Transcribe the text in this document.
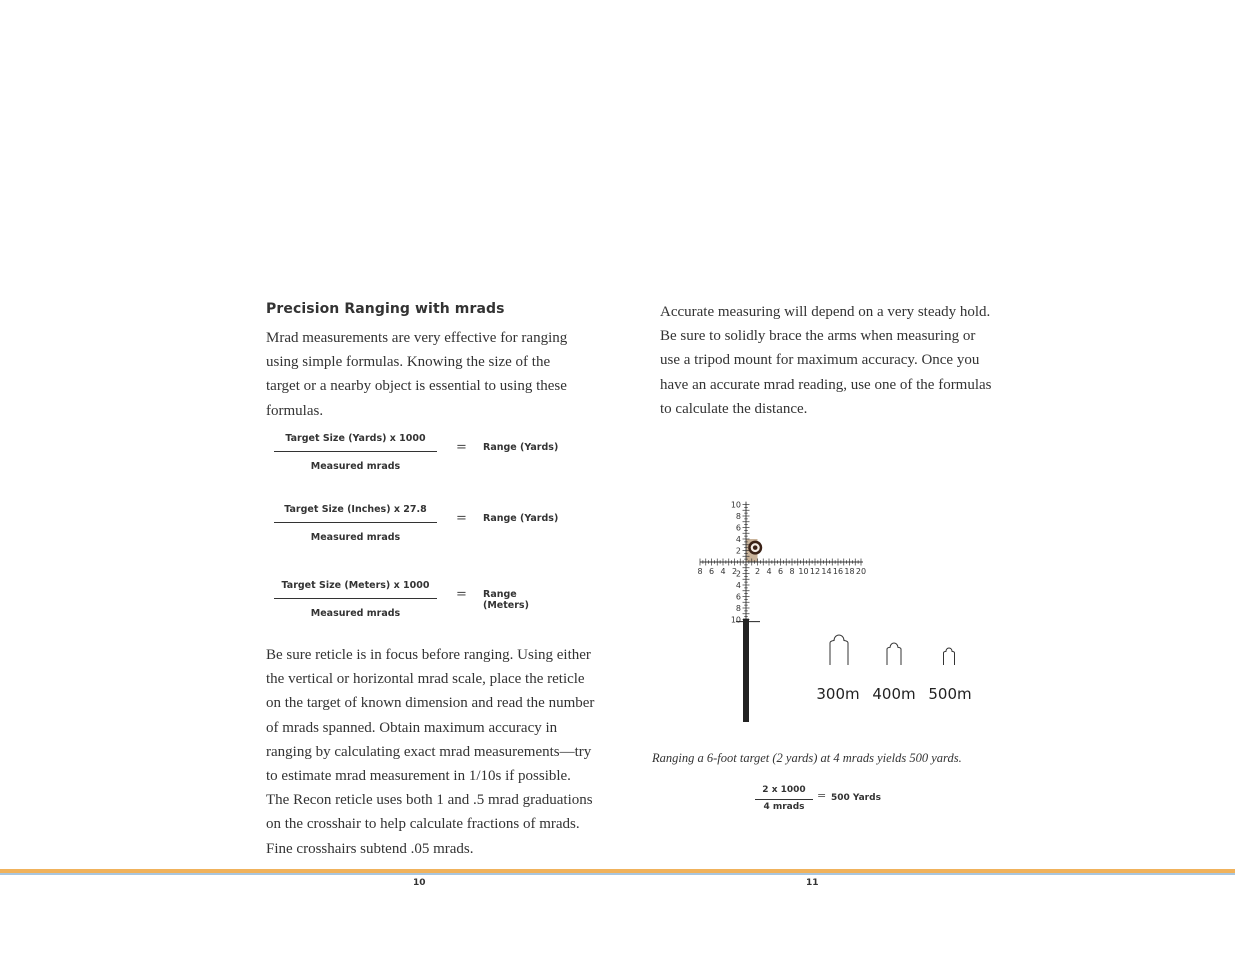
Precision Ranging with mrads
Mrad measurements are very effective for ranging
using simple formulas. Knowing the size of the
target or a nearby object is essential to using these
formulas.
Target Size (Yards) x 1000
Measured mrads
= Range (Yards)
Target Size (Inches) x 27.8
Measured mrads
= Range (Yards)
Target Size (Meters) x 1000
Measured mrads
= Range (Meters)
Be sure reticle is in focus before ranging. Using either
the vertical or horizontal mrad scale, place the reticle
on the target of known dimension and read the number
of mrads spanned. Obtain maximum accuracy in
ranging by calculating exact mrad measurements—try
to estimate mrad measurement in 1/10s if possible.
The Recon reticle uses both 1 and .5 mrad graduations
on the crosshair to help calculate fractions of mrads.
Fine crosshairs subtend .05 mrads.
Accurate measuring will depend on a very steady hold.
Be sure to solidly brace the arms when measuring or
use a tripod mount for maximum accuracy. Once you
have an accurate mrad reading, use one of the formulas
to calculate the distance.
8 6 4 2 2 4 6 8 10 12 14 16 18 20
10
8
6
4
2
2
4
6
8
10
300m 400m 500m
Ranging a 6-foot target (2 yards) at 4 mrads yields 500 yards.
2 x 1000
4 mrads
= 500 Yards
10	11
